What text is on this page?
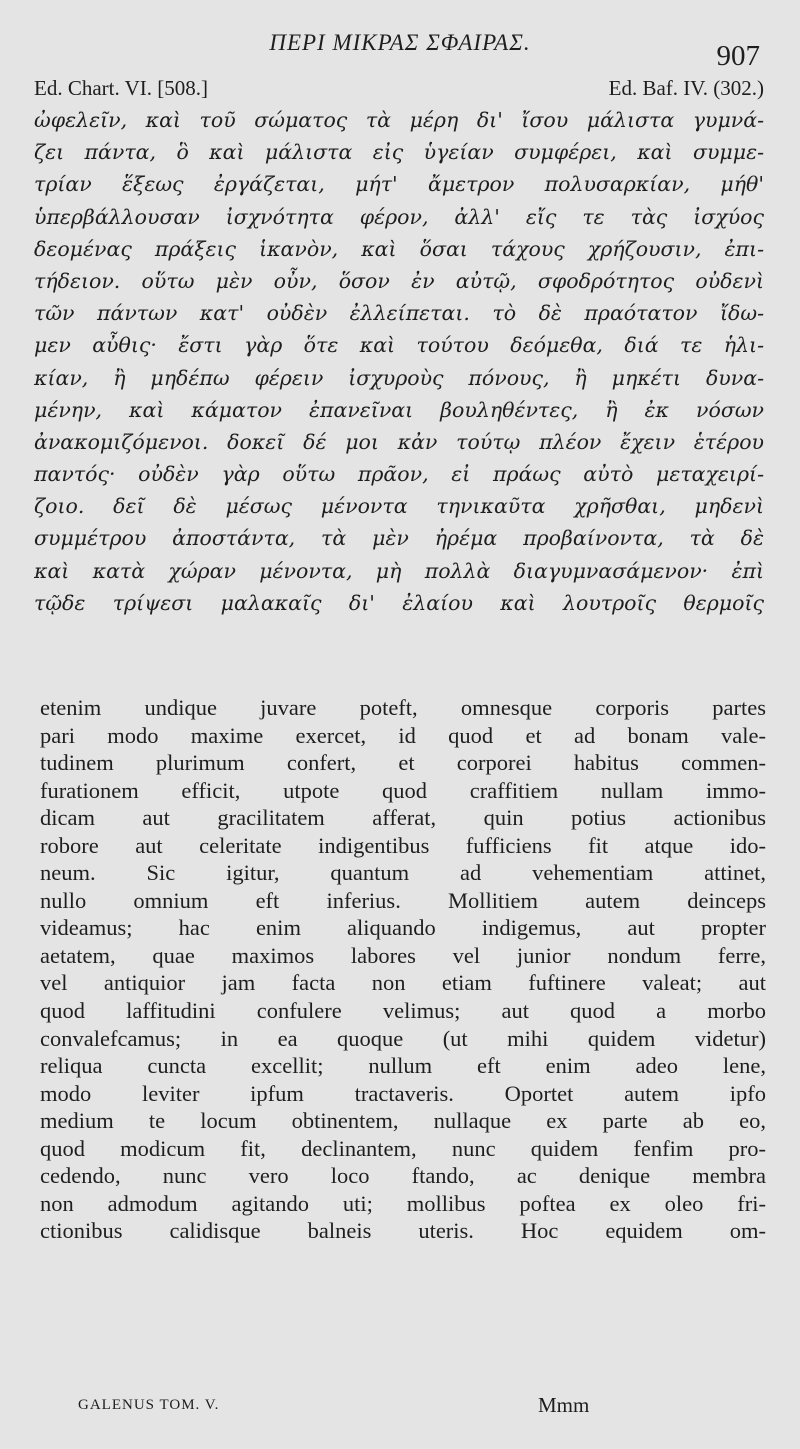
ΠΕΡΙ ΜΙΚΡΑΣ ΣΦΑΙΡΑΣ.	907
Ed. Chart. VI. [508.]	Ed. Baf. IV. (302.)
ὠφελεῖν, καὶ τοῦ σώματος τὰ μέρη δι' ἴσου μάλιστα γυμνά-
ζει πάντα, ὃ καὶ μάλιστα εἰς ὑγείαν συμφέρει, καὶ συμμε-
τρίαν ἕξεως ἐργάζεται, μήτ' ἄμετρον πολυσαρκίαν, μήθ'
ὑπερβάλλουσαν ἰσχνότητα φέρον, ἀλλ' εἴς τε τὰς ἰσχύος
δεομένας πράξεις ἱκανὸν, καὶ ὅσαι τάχους χρήζουσιν, ἐπι-
τήδειον. οὕτω μὲν οὖν, ὅσον ἐν αὐτῷ, σφοδρότητος οὐδενὶ
τῶν πάντων κατ' οὐδὲν ἐλλείπεται. τὸ δὲ πραότατον ἴδω-
μεν αὖθις· ἔστι γὰρ ὅτε καὶ τούτου δεόμεθα, διά τε ἡλι-
κίαν, ἢ μηδέπω φέρειν ἰσχυροὺς πόνους, ἢ μηκέτι δυνα-
μένην, καὶ κάματον ἐπανεῖναι βουληθέντες, ἢ ἐκ νόσων
ἀνακομιζόμενοι. δοκεῖ δέ μοι κἀν τούτῳ πλέον ἔχειν ἑτέρου
παντός· οὐδὲν γὰρ οὕτω πρᾶον, εἰ πράως αὐτὸ μεταχειρί-
ζοιο. δεῖ δὲ μέσως μένοντα τηνικαῦτα χρῆσθαι, μηδενὶ
συμμέτρου ἀποστάντα, τὰ μὲν ἠρέμα προβαίνοντα, τὰ δὲ
καὶ κατὰ χώραν μένοντα, μὴ πολλὰ διαγυμνασάμενον· ἐπὶ
τῷδε τρίψεσι μαλακαῖς δι' ἐλαίου καὶ λουτροῖς θερμοῖς
etenim undique juvare poteft, omnesque corporis partes
pari modo maxime exercet, id quod et ad bonam vale-
tudinem plurimum confert, et corporei habitus commen-
furationem efficit, utpote quod craffitiem nullam immo-
dicam aut gracilitatem afferat, quin potius actionibus
robore aut celeritate indigentibus fufficiens fit atque ido-
neum. Sic igitur, quantum ad vehementiam attinet,
nullo omnium eft inferius. Mollitiem autem deinceps
videamus; hac enim aliquando indigemus, aut propter
aetatem, quae maximos labores vel junior nondum ferre,
vel antiquior jam facta non etiam fuftinere valeat; aut
quod laffitudini confulere velimus; aut quod a morbo
convalefcamus; in ea quoque (ut mihi quidem videtur)
reliqua cuncta excellit; nullum eft enim adeo lene,
modo leviter ipfum tractaveris. Oportet autem ipfo
medium te locum obtinentem, nullaque ex parte ab eo,
quod modicum fit, declinantem, nunc quidem fenfim pro-
cedendo, nunc vero loco ftando, ac denique membra
non admodum agitando uti; mollibus poftea ex oleo fri-
ctionibus calidisque balneis uteris. Hoc equidem om-
GALENUS TOM. V.	Mmm
